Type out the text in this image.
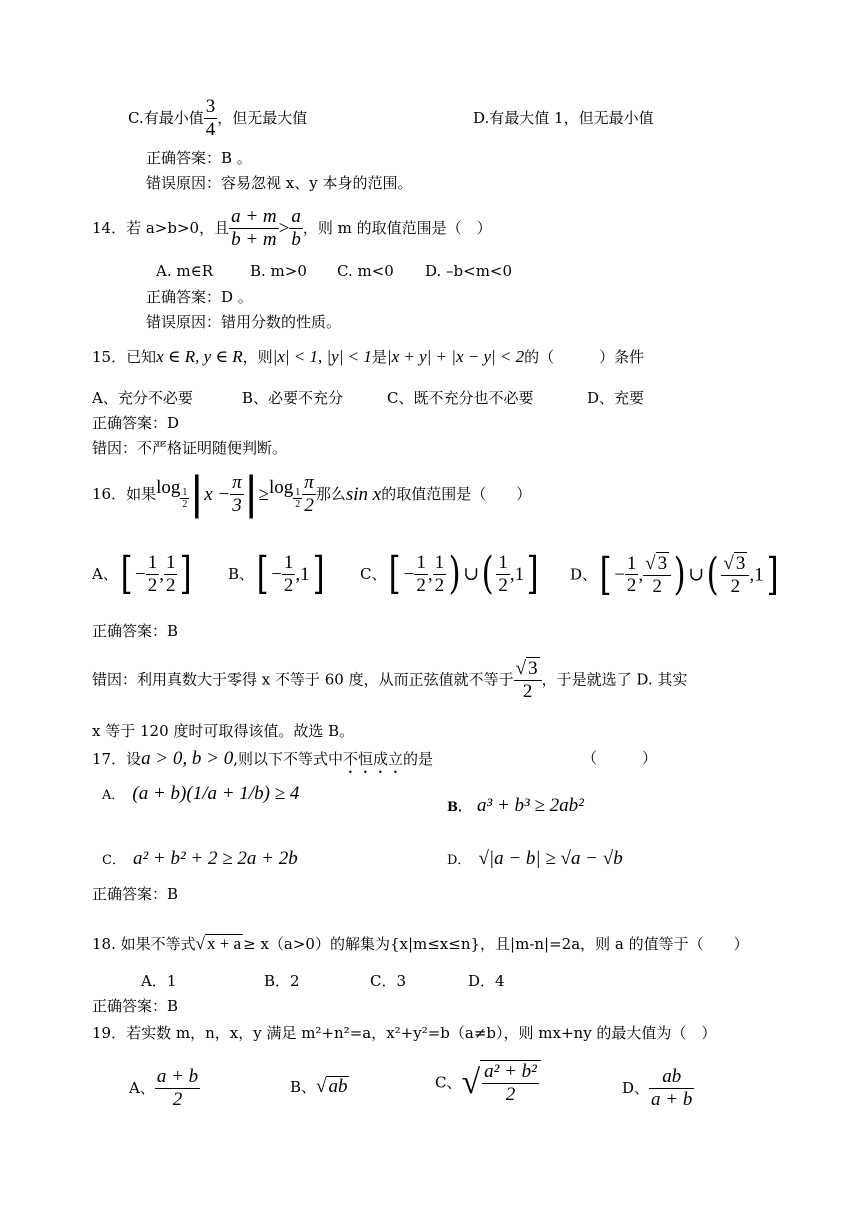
C.有最小值 $\frac{3}{4}$ ，但无最大值	D.有最大值 1，但无最小值
正确答案：B 。
错误原因：容易忽视 x、y 本身的范围。
14．若 a>b>0，且 $\frac{a + m}{b + m} > \frac{a}{b}$ ，则 m 的取值范围是（　）
A. m∈R B. m>0 C. m<0 D. –b<m<0
正确答案：D 。
错误原因：错用分数的性质。
15．已知x ∈ R, y ∈ R，则|x| < 1, |y| < 1是|x + y| + |x − y| < 2的（　　　）条件
A、充分不必要	B、必要不充分	C、既不充分也不必要	D、充要
正确答案：D
错因：不严格证明随便判断。
16．如果$\log \frac{1}{2} |x - \frac{\pi}{3} |\ge\log \frac{1}{2} \frac{\pi}{2}$ 那么sin x的取值范围是（　　）
A、[ − $\frac{1}{2}$ , $\frac{1}{2}$ ] B、[ − $\frac{1}{2} ,1$] C、[ − $\frac{1}{2}$ , $\frac{1}{2}$ ) ∪( $\frac{1}{2} ,1$] D、[ − $\frac{1}{2}$ , $\frac{√ 3}{2}$ ) ∪( $\frac{√ 3}{2} ,1$]
正确答案：B
错因：利用真数大于零得 x 不等于 60 度，从而正弦值就不等于 $\frac{√ 3}{2}$ ，于是就选了 D. 其实
x 等于 120 度时可取得该值。故选 B。
17．设a > 0, b > 0,则以下不等式中不恒成立的是	（　　　）
A． (a + b)(1/a + 1/b) ≥ 4
B． a³ + b³ ≥ 2ab²
C． a² + b² + 2 ≥ 2a + 2b	D． √|a − b| ≥ √a − √b
正确答案：B
18. 如果不等式√ x + a ≥ x（a>0）的解集为{x|m≤x≤n}，且|m-n|=2a，则 a 的值等于（　　）
A．1	B．2	C．3	D．4
正确答案：B
19．若实数 m，n，x，y 满足 m²+n²=a，x²+y²=b（a≠b），则 mx+ny 的最大值为（　）
A、 $\frac{a + b}{2}$	B、√ ab	C、√ $\frac{\text{a² + b²}}{2}$	D、 $\frac{ab}{a + b}$
